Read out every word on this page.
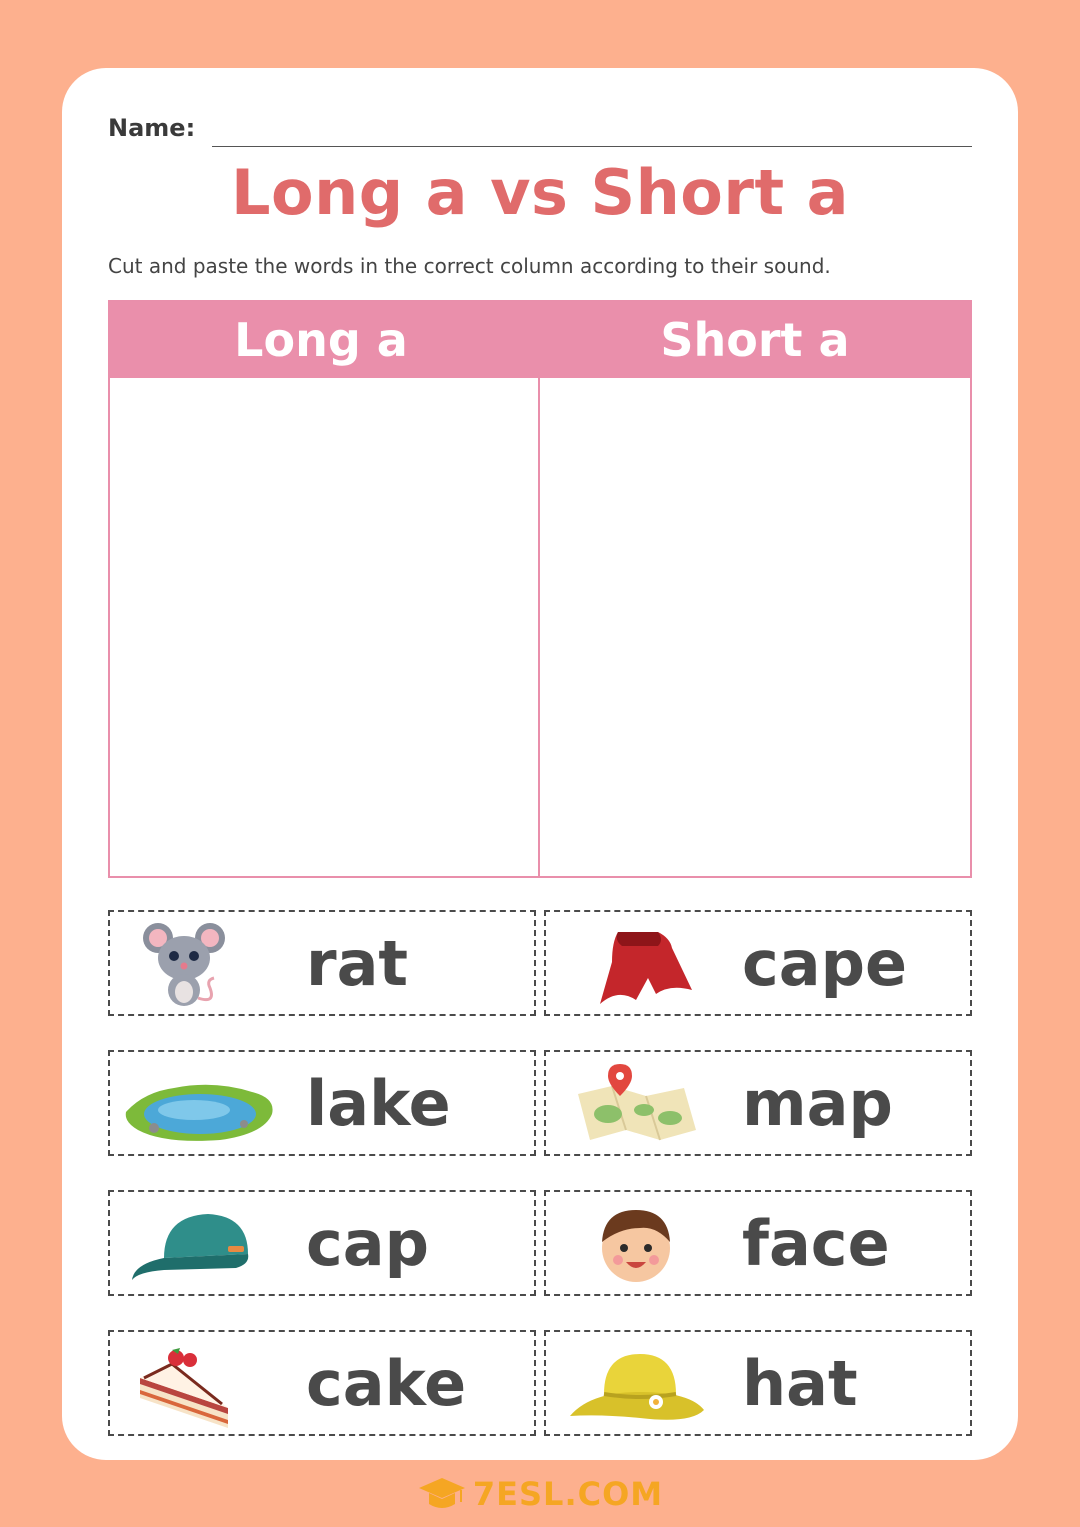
Name:
Long a vs Short a
Cut and paste the words in the correct column according to their sound.
Long a	Short a
rat	cape
lake	map
cap	face
cake	hat
7ESL.COM
